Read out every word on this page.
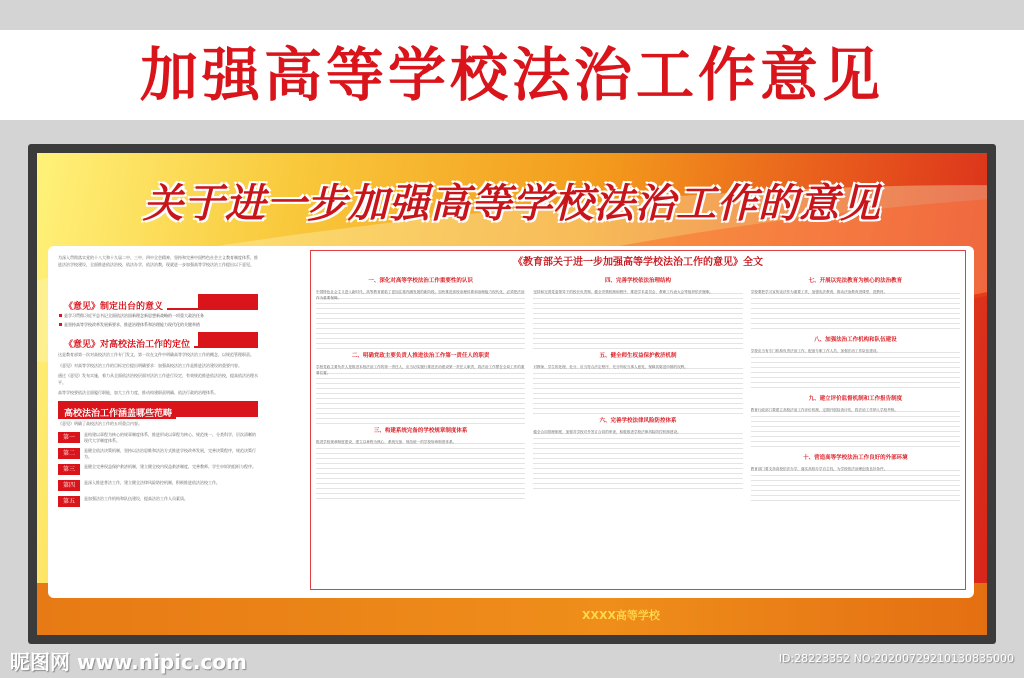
加强高等学校法治工作意见
关于进一步加强高等学校法治工作的意见
XXXX高等学校
为深入贯彻落实党的十八大和十九届二中、三中、四中全会精神，坚持和完善中国特色社会主义教育制度体系，推进法治学校建设，全面推进依法治校、依法办学，依法治教，现就进一步加强高等学校法治工作提出以下意见。
《意见》制定出台的意义
是学习贯彻习近平总书记全面依法治国新理念新思想新战略的一项重大政治任务
是坚持高等学校改革发展新要求、推进治理体系和治理能力现代化的关键举措
《意见》对高校法治工作的定位
这是教育部第一次对高校法治工作专门发文，第一次在文件中明确高等学校法治工作的概念，以规范管理职责。
《意见》对高等学校法治工作的目标定位提出明确要求：加强高校法治工作是推进法治建设的重要内容。
通过《意见》发布实施，着力从全面依法治校层面对法治工作进行设定，有效规范推进依法治校，提高依法治理水平。
高等学校要依法全面履行职能，加大工作力度，推动构建职责明确、依法行政的治理体系。
高校法治工作涵盖哪些范畴
《意见》明确了高校法治工作的五项重点内容。
第一	是构建以章程为核心的规章制度体系，推进形成以章程为核心、规范统一、分类科学、层次清晰的现代大学制度体系。
第二	是健全依法决策机制，坚持以法治思维和法治方式推进学校改革发展，完善决策程序，规范决策行为。
第三	是健全完善权益保护救济机制，建立健全校内权益救济制度，完善教师、学生申诉的组织与程序。
第四	是深入推进普法工作，建立健全法律风险防控机制，积极推进依法治校工作。
第五	是加强法治工作机构和队伍建设，提高法治工作人员素质。
《教育部关于进一步加强高等学校法治工作的意见》全文
一、深化对高等学校法治工作重要性的认识

中国特色社会主义进入新时代，高等教育面临了更加注重内涵发展的新阶段。加快推进高校治理体系和治理能力现代化，必须把法治作为重要保障。

二、明确党政主要负责人推进法治工作第一责任人的职责

学校党政主要负责人是推进本校法治工作的第一责任人，应当切实履行推进法治建设第一责任人职责，将法治工作摆在全局工作的重要位置。

三、构建系统完备的学校规章制度体系

推进学校规章制度建设，建立以章程为核心、系统完备、规范统一的学校规章制度体系。

四、完善学校依法治理结构

坚持和完善党委领导下的校长负责制，健全决策机制和程序，推进学术委员会、教职工代表大会等组织依法履职。

五、健全师生权益保护救济机制

对教师、学生的处理、处分，应当符合法定程序，充分听取当事人意见，保障其陈述申辩的权利。

六、完善学校法律风险防控体系

健全合同管理制度，加强对学校对外签订合同的审查，积极推进学校法律风险防控机制建设。

七、开展以宪法教育为核心的法治教育

学校要把学习宣传宪法作为重要工作，加强宪法教育，推动法治教育进课堂、进教材。

八、加强法治工作机构和队伍建设

学校应当有专门机构负责法治工作，配备专职工作人员，加强法治工作队伍建设。

九、建立评价监督机制和工作报告制度

教育行政部门要建立高校法治工作评价机制，定期开展检查评估，将法治工作纳入学校考核。

十、营造高等学校法治工作良好的外部环境

教育部门要支持高校依法办学，落实高校办学自主权，为学校依法治理创造良好条件。

昵图网 www.nipic.com	ID:28223352 NO:20200729210130835000
